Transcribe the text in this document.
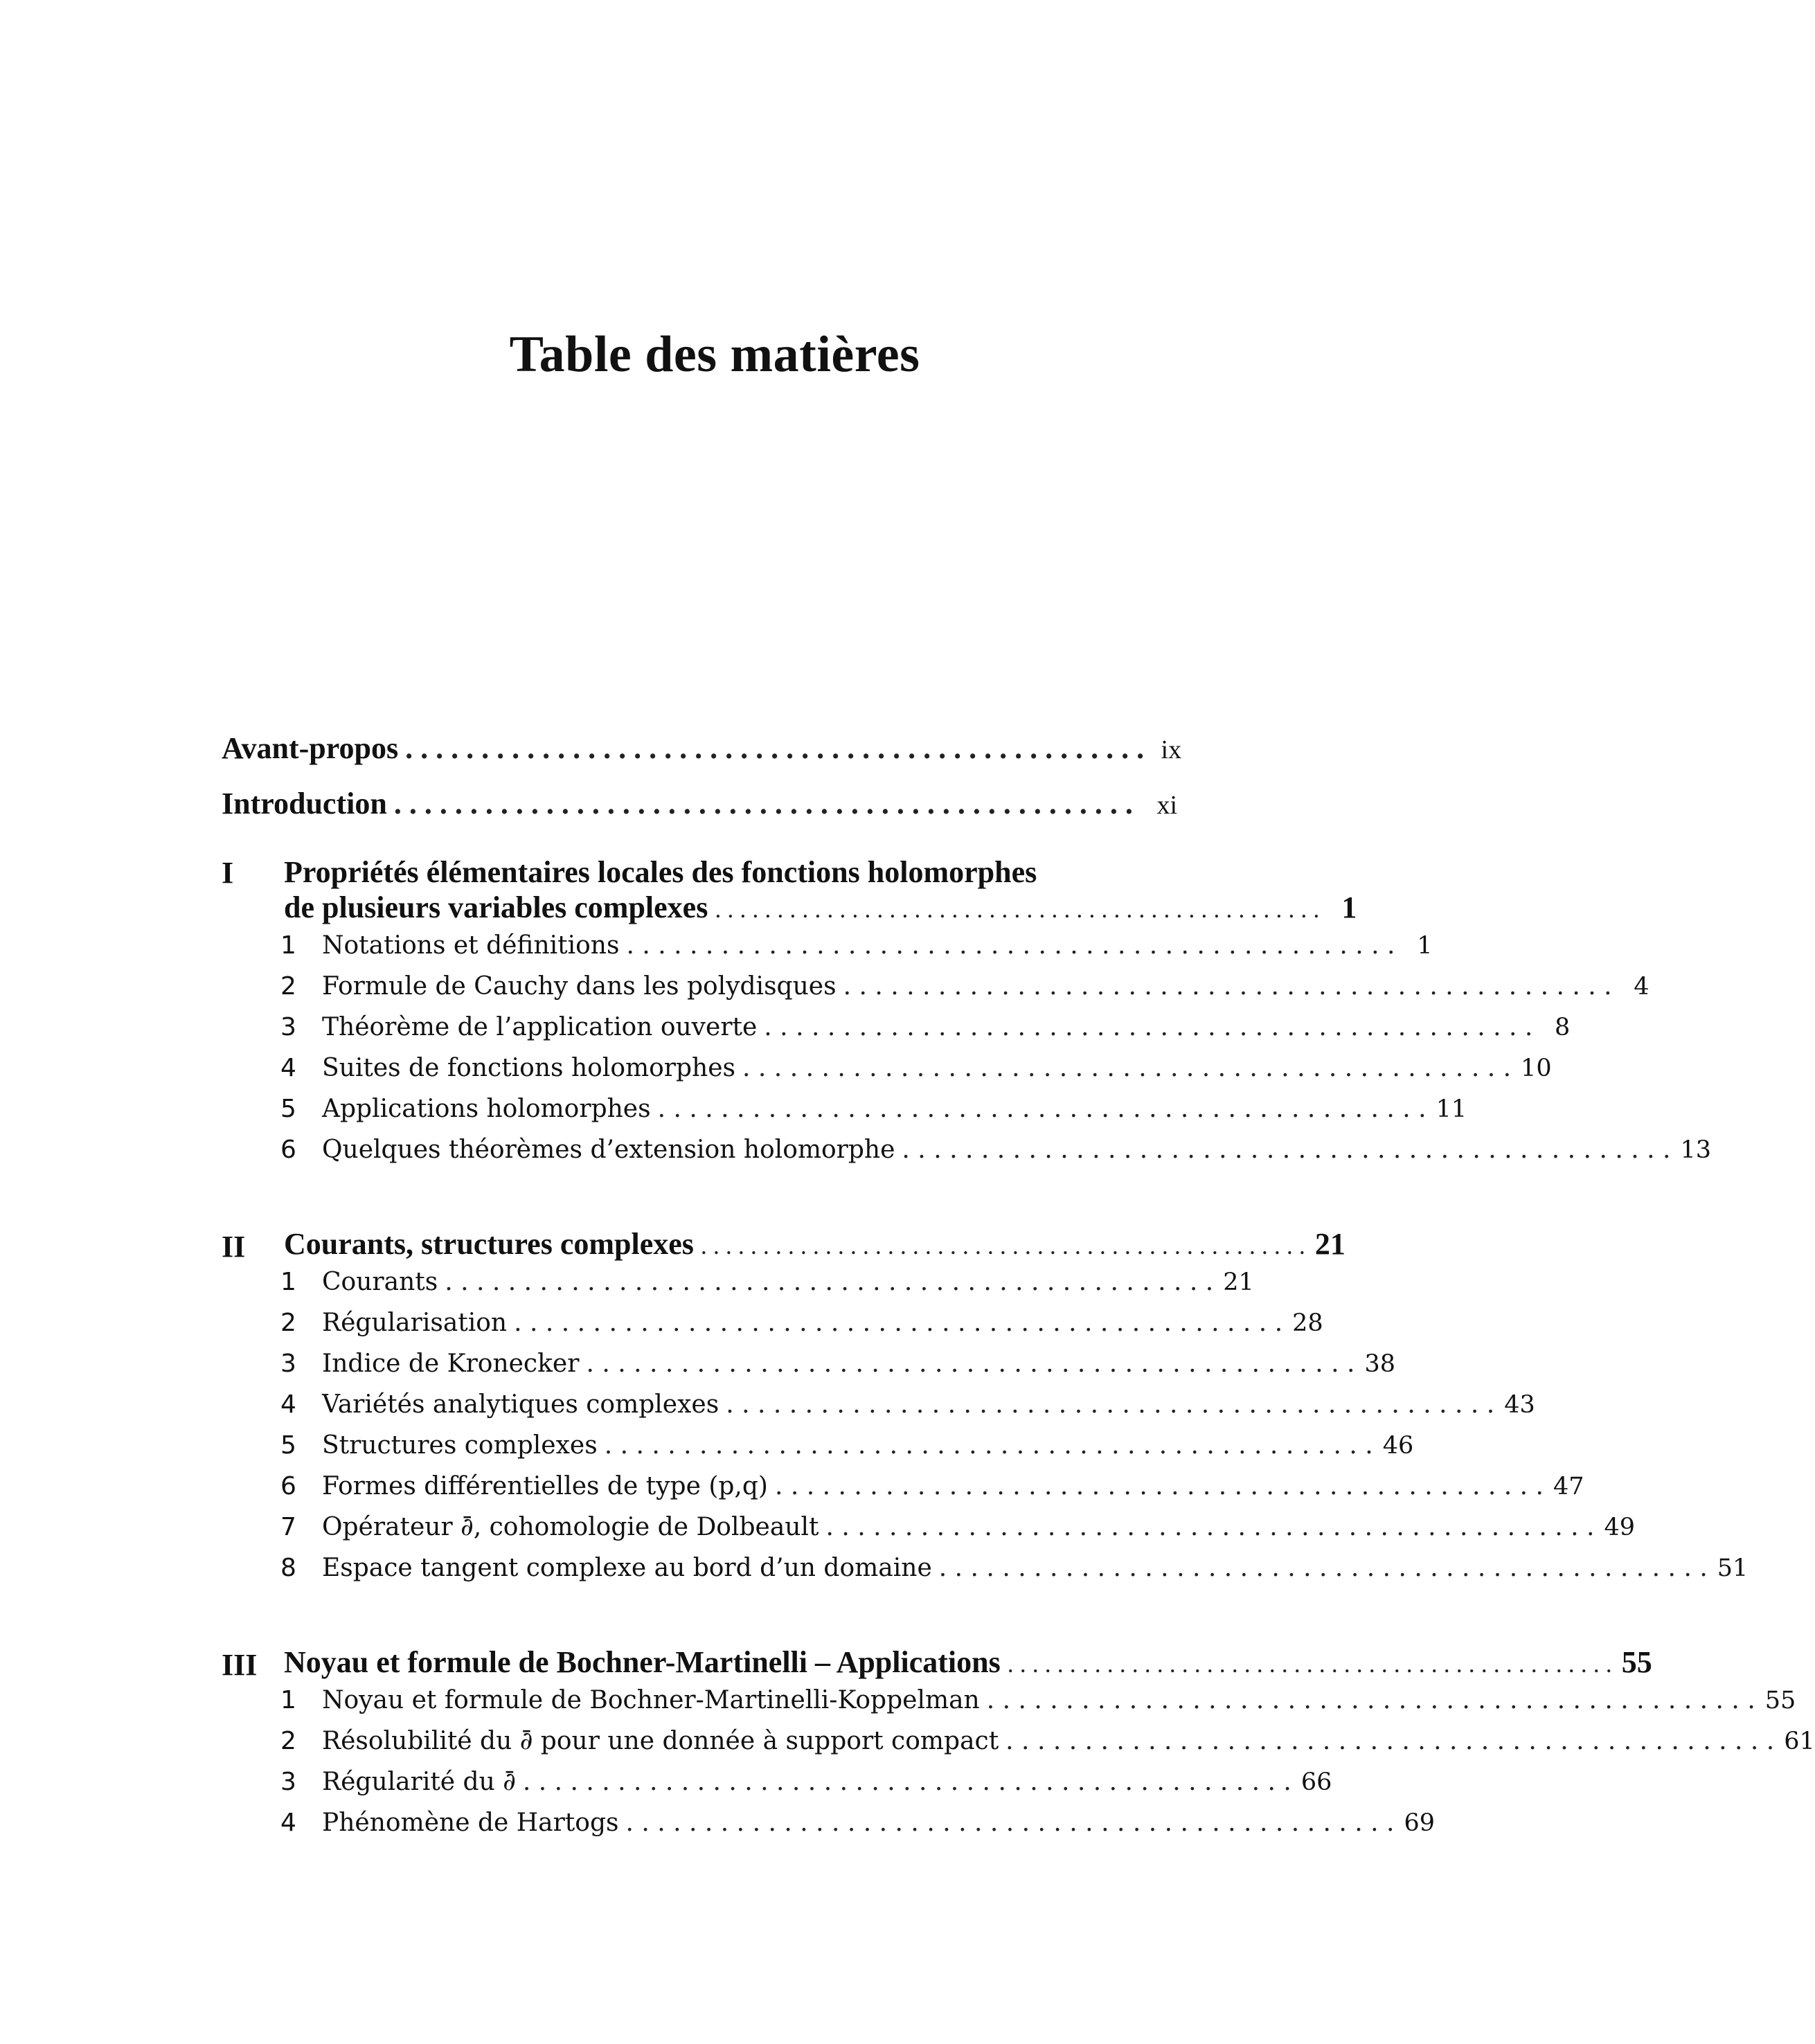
Table des matières
Avant-propos . . . . . . . . . . . . . . . . . . . . . . . . . . . . . . . . . . . . . . . . . . . . . . . . . ix
Introduction . . . . . . . . . . . . . . . . . . . . . . . . . . . . . . . . . . . . . . . . . . . . . . . . . xi
I Propriétés élémentaires locales des fonctions holomorphes
de plusieurs variables complexes . . . . . . . . . . . . . . . . . . . . . . . . . . . . . . . . . . . . . . . . . . . . . . . . . 1
1	Notations et définitions . . . . . . . . . . . . . . . . . . . . . . . . . . . . . . . . . . . . . . . . . . . . . . . . . 1
2	Formule de Cauchy dans les polydisques . . . . . . . . . . . . . . . . . . . . . . . . . . . . . . . . . . . . . . . . . . . . . . . . . 4
3	Théorème de l’application ouverte . . . . . . . . . . . . . . . . . . . . . . . . . . . . . . . . . . . . . . . . . . . . . . . . . 8
4	Suites de fonctions holomorphes . . . . . . . . . . . . . . . . . . . . . . . . . . . . . . . . . . . . . . . . . . . . . . . . . 10
5	Applications holomorphes . . . . . . . . . . . . . . . . . . . . . . . . . . . . . . . . . . . . . . . . . . . . . . . . . 11
6	Quelques théorèmes d’extension holomorphe . . . . . . . . . . . . . . . . . . . . . . . . . . . . . . . . . . . . . . . . . . . . . . . . . 13
II Courants, structures complexes . . . . . . . . . . . . . . . . . . . . . . . . . . . . . . . . . . . . . . . . . . . . . . . . . 21
1	Courants . . . . . . . . . . . . . . . . . . . . . . . . . . . . . . . . . . . . . . . . . . . . . . . . . 21
2	Régularisation . . . . . . . . . . . . . . . . . . . . . . . . . . . . . . . . . . . . . . . . . . . . . . . . . 28
3	Indice de Kronecker . . . . . . . . . . . . . . . . . . . . . . . . . . . . . . . . . . . . . . . . . . . . . . . . . 38
4	Variétés analytiques complexes . . . . . . . . . . . . . . . . . . . . . . . . . . . . . . . . . . . . . . . . . . . . . . . . . 43
5	Structures complexes . . . . . . . . . . . . . . . . . . . . . . . . . . . . . . . . . . . . . . . . . . . . . . . . . 46
6	Formes différentielles de type (p,q) . . . . . . . . . . . . . . . . . . . . . . . . . . . . . . . . . . . . . . . . . . . . . . . . . 47
7	Opérateur ∂̄, cohomologie de Dolbeault . . . . . . . . . . . . . . . . . . . . . . . . . . . . . . . . . . . . . . . . . . . . . . . . . 49
8	Espace tangent complexe au bord d’un domaine . . . . . . . . . . . . . . . . . . . . . . . . . . . . . . . . . . . . . . . . . . . . . . . . . 51
III Noyau et formule de Bochner-Martinelli – Applications . . . . . . . . . . . . . . . . . . . . . . . . . . . . . . . . . . . . . . . . . . . . . . . . . 55
1	Noyau et formule de Bochner-Martinelli-Koppelman . . . . . . . . . . . . . . . . . . . . . . . . . . . . . . . . . . . . . . . . . . . . . . . . . 55
2	Résolubilité du ∂̄ pour une donnée à support compact . . . . . . . . . . . . . . . . . . . . . . . . . . . . . . . . . . . . . . . . . . . . . . . . . 61
3	Régularité du ∂̄ . . . . . . . . . . . . . . . . . . . . . . . . . . . . . . . . . . . . . . . . . . . . . . . . . 66
4	Phénomène de Hartogs . . . . . . . . . . . . . . . . . . . . . . . . . . . . . . . . . . . . . . . . . . . . . . . . . 69
